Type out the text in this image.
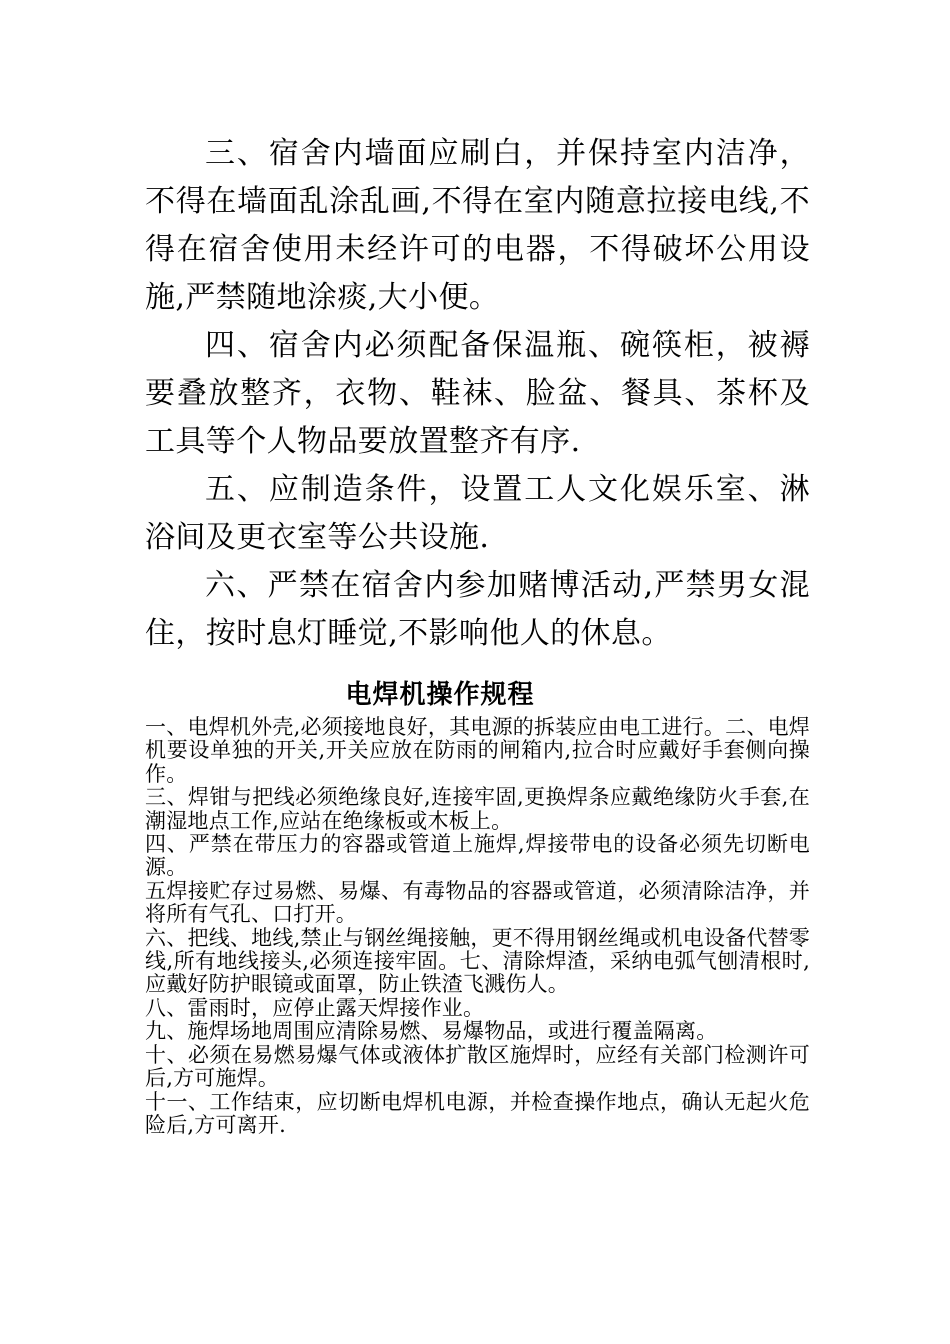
三、宿舍内墙面应刷白，并保持室内洁净，不得在墙面乱涂乱画,不得在室内随意拉接电线,不得在宿舍使用未经许可的电器，不得破坏公用设施,严禁随地涂痰,大小便。

四、宿舍内必须配备保温瓶、碗筷柜，被褥要叠放整齐，衣物、鞋袜、脸盆、餐具、茶杯及工具等个人物品要放置整齐有序.

五、应制造条件，设置工人文化娱乐室、淋浴间及更衣室等公共设施.

六、严禁在宿舍内参加赌博活动,严禁男女混住，按时息灯睡觉,不影响他人的休息。

电焊机操作规程

一、电焊机外壳,必须接地良好，其电源的拆装应由电工进行。二、电焊机要设单独的开关,开关应放在防雨的闸箱内,拉合时应戴好手套侧向操作。

三、焊钳与把线必须绝缘良好,连接牢固,更换焊条应戴绝缘防火手套,在潮湿地点工作,应站在绝缘板或木板上。

四、严禁在带压力的容器或管道上施焊,焊接带电的设备必须先切断电源。

五焊接贮存过易燃、易爆、有毒物品的容器或管道，必须清除洁净，并将所有气孔、口打开。

六、把线、地线,禁止与钢丝绳接触，更不得用钢丝绳或机电设备代替零线,所有地线接头,必须连接牢固。七、清除焊渣，采纳电弧气刨清根时,应戴好防护眼镜或面罩，防止铁渣飞溅伤人。

八、雷雨时，应停止露天焊接作业。

九、施焊场地周围应清除易燃、易爆物品，或进行覆盖隔离。

十、必须在易燃易爆气体或液体扩散区施焊时，应经有关部门检测许可后,方可施焊。

十一、工作结束，应切断电焊机电源，并检查操作地点，确认无起火危险后,方可离开.
